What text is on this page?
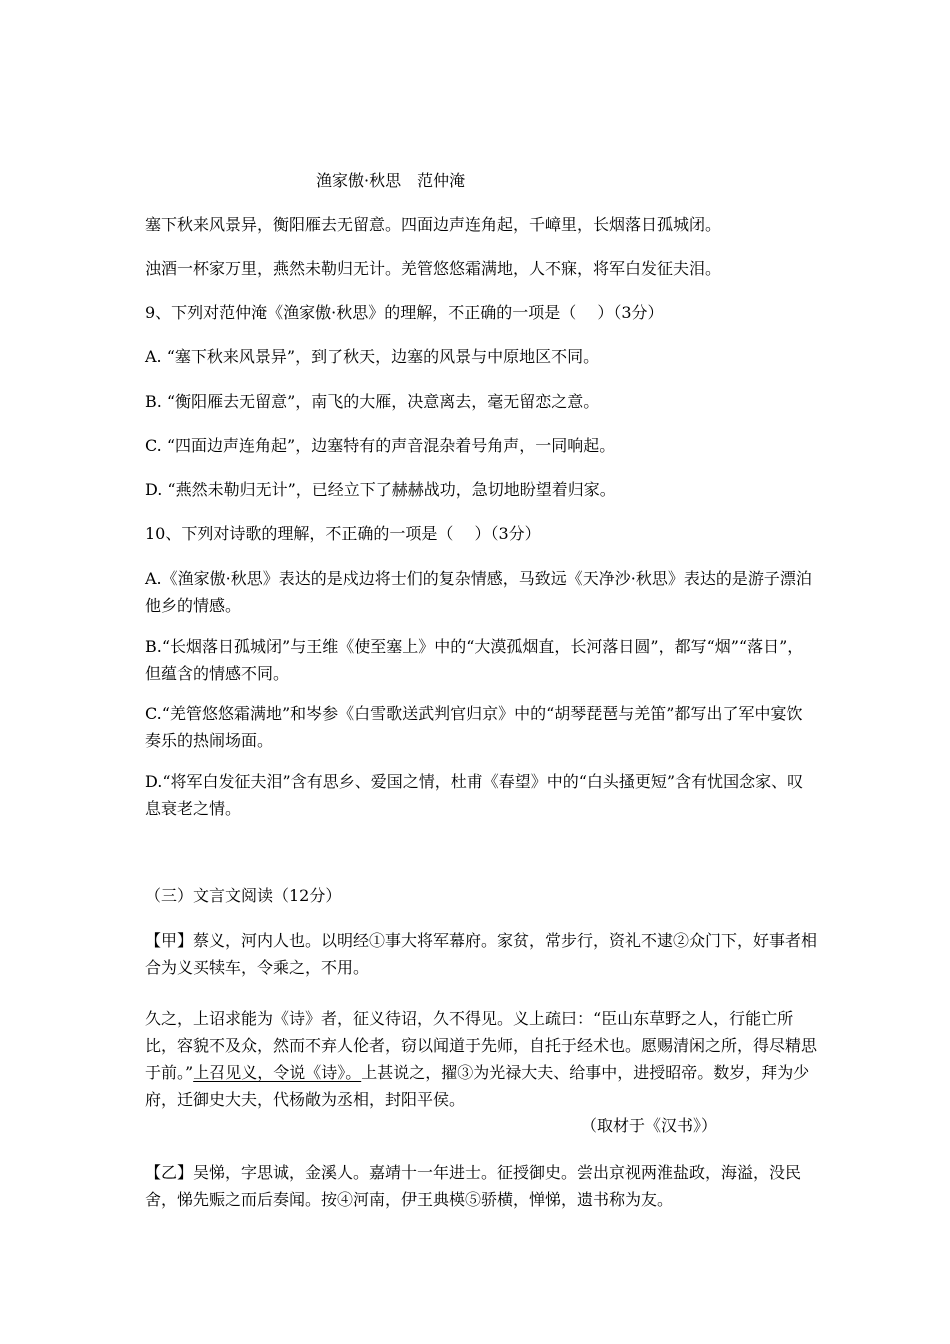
渔家傲·秋思　范仲淹
塞下秋来风景异，衡阳雁去无留意。四面边声连角起，千嶂里，长烟落日孤城闭。
浊酒一杯家万里，燕然未勒归无计。羌管悠悠霜满地，人不寐，将军白发征夫泪。
9、下列对范仲淹《渔家傲·秋思》的理解，不正确的一项是（　 ）（3分）
A. “塞下秋来风景异”，到了秋天，边塞的风景与中原地区不同。
B. “衡阳雁去无留意”，南飞的大雁，决意离去，毫无留恋之意。
C. “四面边声连角起”，边塞特有的声音混杂着号角声，一同响起。
D. “燕然未勒归无计”，已经立下了赫赫战功，急切地盼望着归家。
10、下列对诗歌的理解，不正确的一项是（　 ）（3分）
A.《渔家傲·秋思》表达的是戍边将士们的复杂情感，马致远《天净沙·秋思》表达的是游子漂泊他乡的情感。
B.“长烟落日孤城闭”与王维《使至塞上》中的“大漠孤烟直，长河落日圆”，都写“烟”“落日”，但蕴含的情感不同。
C.“羌管悠悠霜满地”和岑参《白雪歌送武判官归京》中的“胡琴琵琶与羌笛”都写出了军中宴饮奏乐的热闹场面。
D.“将军白发征夫泪”含有思乡、爱国之情，杜甫《春望》中的“白头搔更短”含有忧国念家、叹息衰老之情。
（三）文言文阅读（12分）
【甲】蔡义，河内人也。以明经①事大将军幕府。家贫，常步行，资礼不逮②众门下，好事者相合为义买犊车，令乘之，不用。
久之，上诏求能为《诗》者，征义待诏，久不得见。义上疏曰：“臣山东草野之人，行能亡所比，容貌不及众，然而不弃人伦者，窃以闻道于先师，自托于经术也。愿赐清闲之所，得尽精思于前。”上召见义，令说《诗》。上甚说之，擢③为光禄大夫、给事中，进授昭帝。数岁，拜为少府，迁御史大夫，代杨敞为丞相，封阳平侯。
（取材于《汉书》）
【乙】吴悌，字思诚，金溪人。嘉靖十一年进士。征授御史。尝出京视两淮盐政，海溢，没民舍，悌先赈之而后奏闻。按④河南，伊王典楧⑤骄横，惮悌，遗书称为友。
